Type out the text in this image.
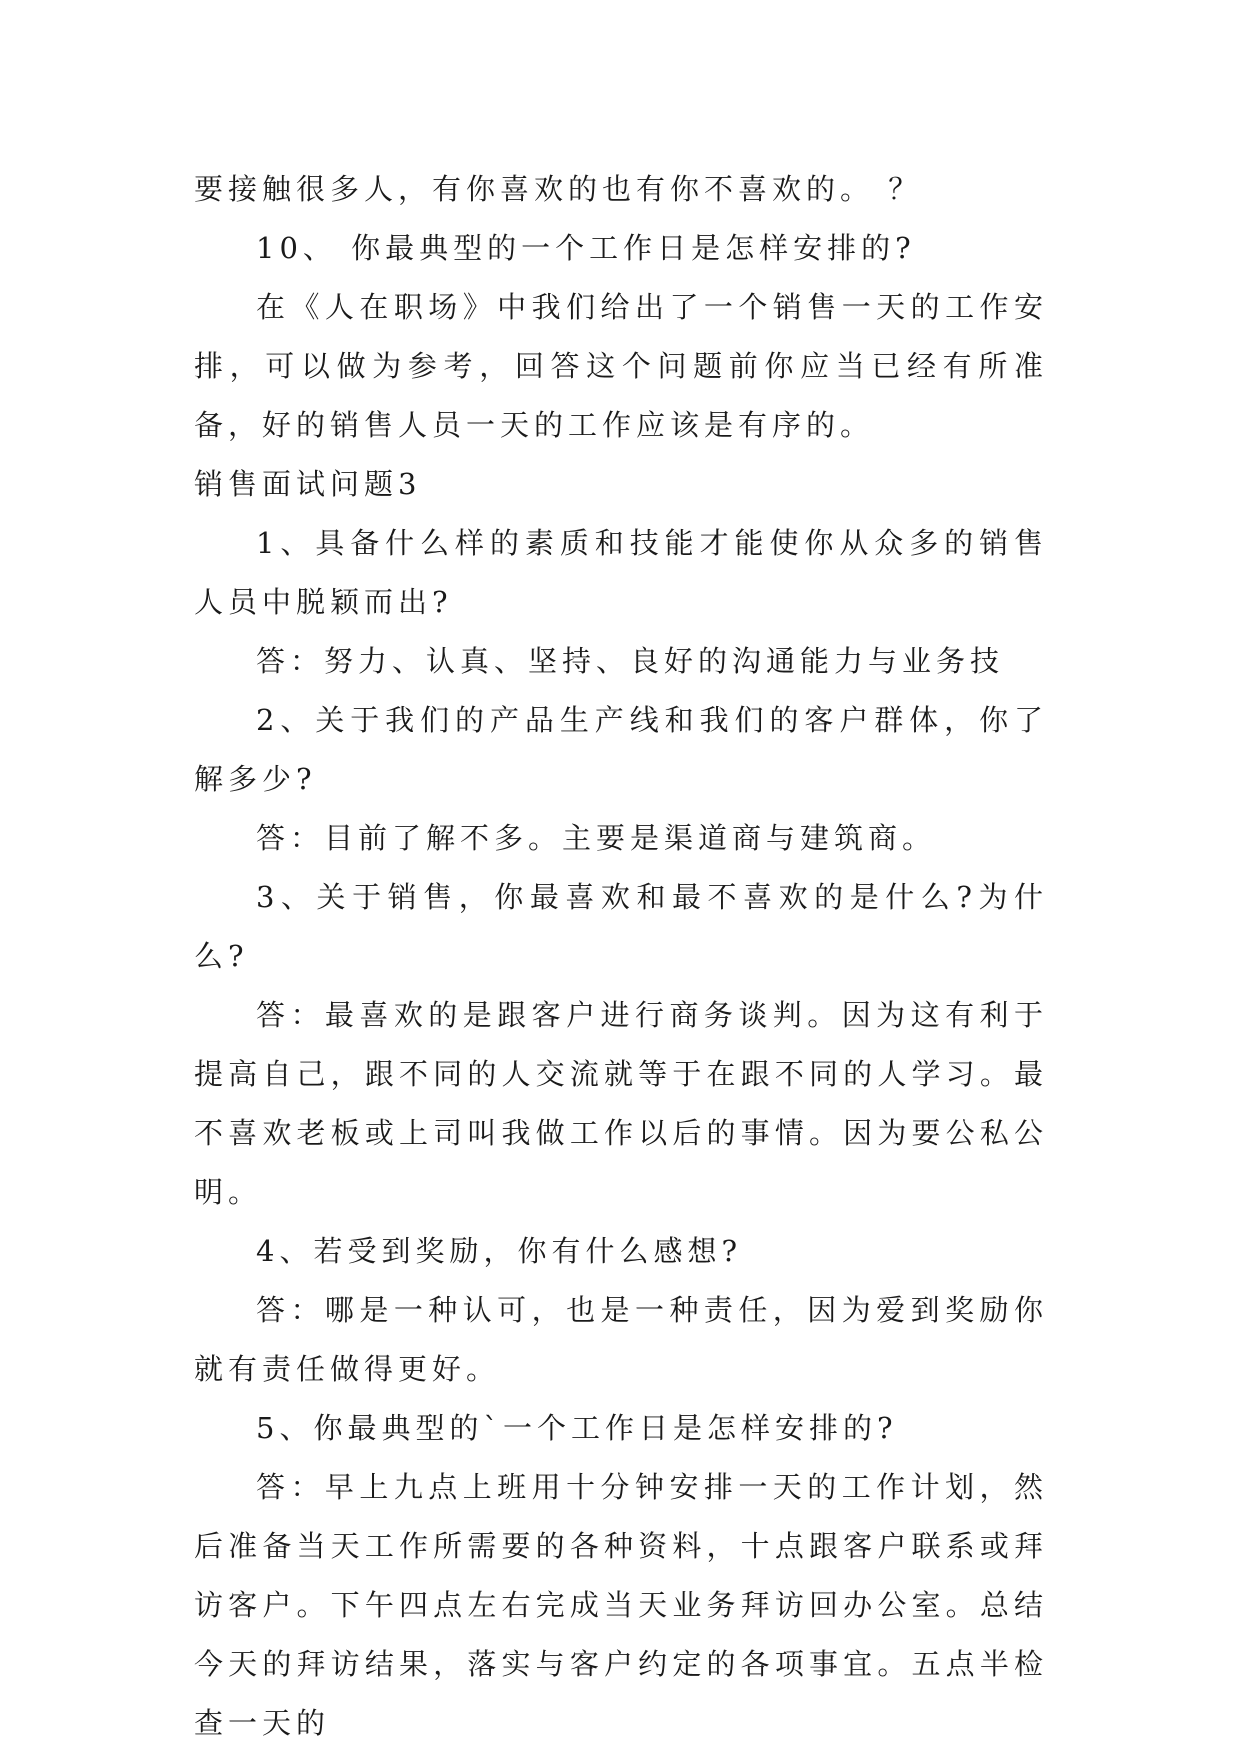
要接触很多人，有你喜欢的也有你不喜欢的。 ？

10、 你最典型的一个工作日是怎样安排的?

在《人在职场》中我们给出了一个销售一天的工作安排，可以做为参考，回答这个问题前你应当已经有所准备，好的销售人员一天的工作应该是有序的。

销售面试问题3

1、具备什么样的素质和技能才能使你从众多的销售人员中脱颖而出?

答：努力、认真、坚持、良好的沟通能力与业务技

2、关于我们的产品生产线和我们的客户群体，你了解多少?

答：目前了解不多。主要是渠道商与建筑商。

3、关于销售，你最喜欢和最不喜欢的是什么?为什么?

答：最喜欢的是跟客户进行商务谈判。因为这有利于提高自己，跟不同的人交流就等于在跟不同的人学习。最不喜欢老板或上司叫我做工作以后的事情。因为要公私公明。

4、若受到奖励，你有什么感想?

答：哪是一种认可，也是一种责任，因为爱到奖励你就有责任做得更好。

5、你最典型的`一个工作日是怎样安排的?

答：早上九点上班用十分钟安排一天的工作计划，然后准备当天工作所需要的各种资料，十点跟客户联系或拜访客户。下午四点左右完成当天业务拜访回办公室。总结今天的拜访结果，落实与客户约定的各项事宜。五点半检查一天的
